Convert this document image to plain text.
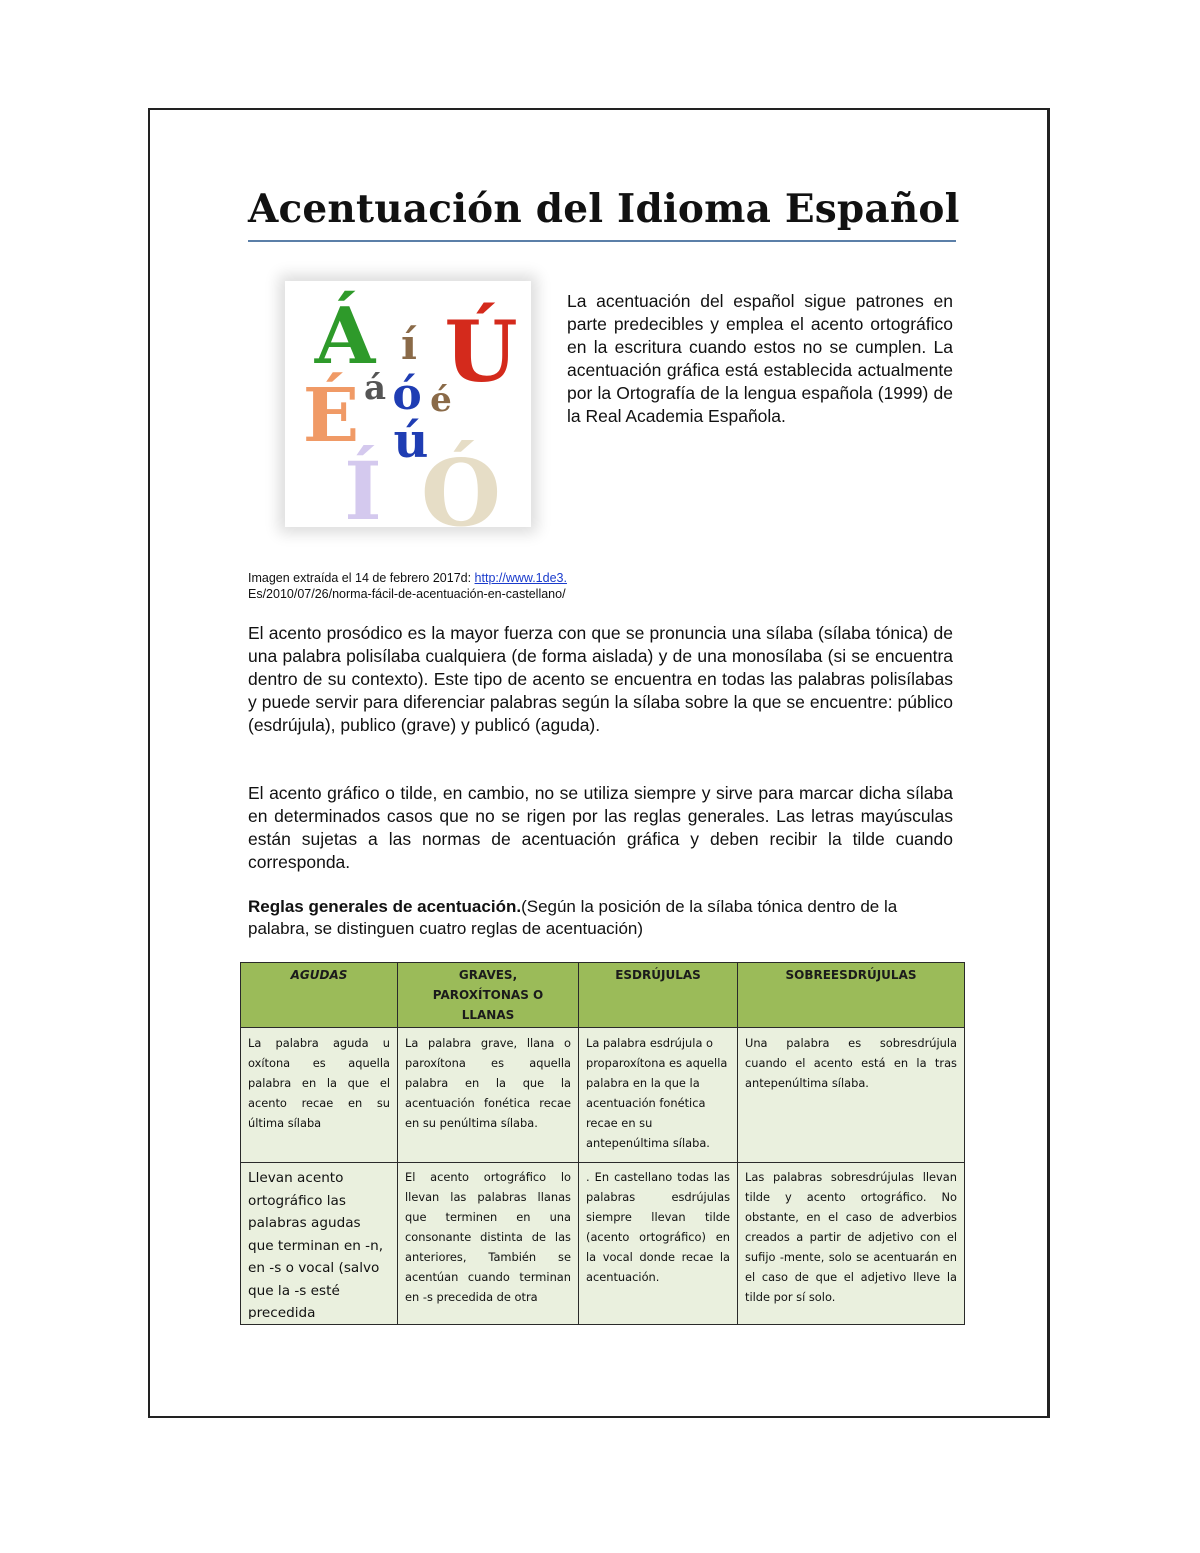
Acentuación del Idioma Español
Á í Ú
É á ó é
ú
Í Ó

La acentuación del español sigue patrones en parte predecibles y emplea el acento ortográfico en la escritura cuando estos no se cumplen. La acentuación gráfica está establecida actualmente por la Ortografía de la lengua española (1999) de la Real Academia Española.

Imagen extraída el 14 de febrero 2017d: http://www.1de3.
Es/2010/07/26/norma-fácil-de-acentuación-en-castellano/

El acento prosódico es la mayor fuerza con que se pronuncia una sílaba (sílaba tónica) de una palabra polisílaba cualquiera (de forma aislada) y de una monosílaba (si se encuentra dentro de su contexto). Este tipo de acento se encuentra en todas las palabras polisílabas y puede servir para diferenciar palabras según la sílaba sobre la que se encuentre: público (esdrújula), publico (grave) y publicó (aguda).

El acento gráfico o tilde, en cambio, no se utiliza siempre y sirve para marcar dicha sílaba en determinados casos que no se rigen por las reglas generales. Las letras mayúsculas están sujetas a las normas de acentuación gráfica y deben recibir la tilde cuando corresponda.

Reglas generales de acentuación.(Según la posición de la sílaba tónica dentro de la palabra, se distinguen cuatro reglas de acentuación)

AGUDAS	GRAVES, PAROXÍTONAS O LLANAS	ESDRÚJULAS	SOBREESDRÚJULAS
La palabra aguda u oxítona es aquella palabra en la que el acento recae en su última sílaba	La palabra grave, llana o paroxítona es aquella palabra en la que la acentuación fonética recae en su penúltima sílaba.	La palabra esdrújula o proparoxítona es aquella palabra en la que la acentuación fonética recae en su antepenúltima sílaba.	Una palabra es sobresdrújula cuando el acento está en la tras antepenúltima sílaba.

Llevan acento ortográfico las palabras agudas que terminan en -n, en -s o vocal (salvo que la -s esté precedida	El acento ortográfico lo llevan las palabras llanas que terminen en una consonante distinta de las anteriores, También se acentúan cuando terminan en -s precedida de otra	. En castellano todas las palabras esdrújulas siempre llevan tilde (acento ortográfico) en la vocal donde recae la acentuación.	Las palabras sobresdrújulas llevan tilde y acento ortográfico. No obstante, en el caso de adverbios creados a partir de adjetivo con el sufijo -mente, solo se acentuarán en el caso de que el adjetivo lleve la tilde por sí solo.
